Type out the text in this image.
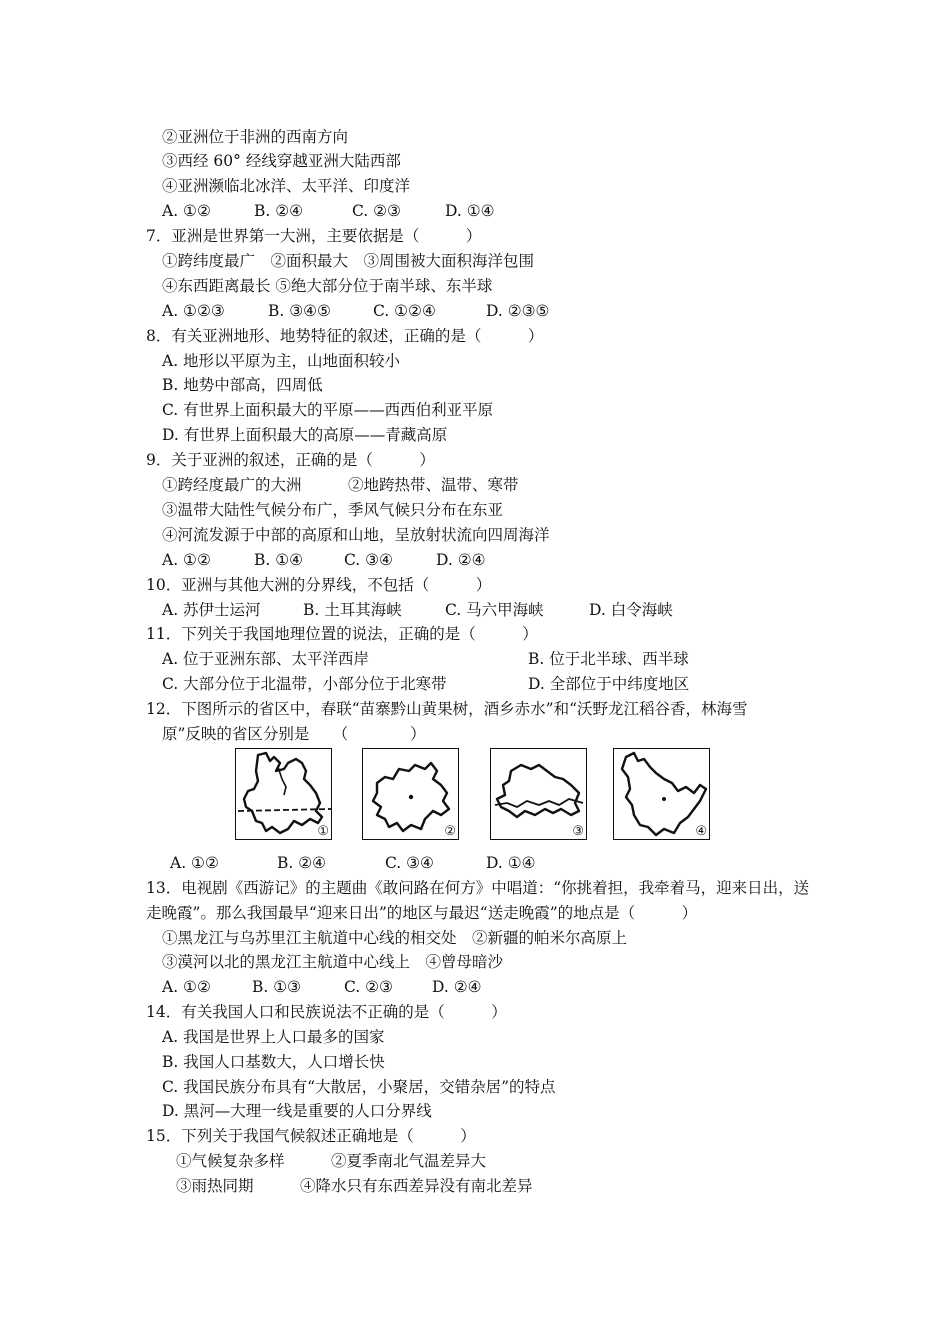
②亚洲位于非洲的西南方向
③西经 60° 经线穿越亚洲大陆西部
④亚洲濒临北冰洋、太平洋、印度洋

A. ①②

	B. ②④

	C. ②③

	D. ①④

7．亚洲是世界第一大洲，主要依据是（　　　）
①跨纬度最广　②面积最大　③周围被大面积海洋包围
④东西距离最长 ⑤绝大部分位于南半球、东半球

A. ①②③

	B. ③④⑤

	C. ①②④

	D. ②③⑤

8．有关亚洲地形、地势特征的叙述，正确的是（　　　）
A. 地形以平原为主，山地面积较小
B. 地势中部高，四周低
C. 有世界上面积最大的平原——西西伯利亚平原
D. 有世界上面积最大的高原——青藏高原
9．关于亚洲的叙述，正确的是（　　　）
①跨经度最广的大洲　　　②地跨热带、温带、寒带
③温带大陆性气候分布广，季风气候只分布在东亚
④河流发源于中部的高原和山地，呈放射状流向四周海洋

A. ①②

	B. ①④

	C. ③④

	D. ②④

10．亚洲与其他大洲的分界线，不包括（　　　）

A. 苏伊士运河

	B. 土耳其海峡

	C. 马六甲海峡

	D. 白令海峡

11．下列关于我国地理位置的说法，正确的是（　　　）
A. 位于亚洲东部、太平洋西岸	B. 位于北半球、西半球
C. 大部分位于北温带，小部分位于北寒带	D. 全部位于中纬度地区
12．下图所示的省区中，春联“苗寨黔山黄果树，酒乡赤水”和“沃野龙江稻谷香，林海雪
原”反映的省区分别是　　（　　　　）
①	②	③	④

A. ①②

	B. ②④

	C. ③④

	D. ①④

13．电视剧《西游记》的主题曲《敢问路在何方》中唱道：“你挑着担，我牵着马，迎来日出，送
走晚霞”。那么我国最早“迎来日出”的地区与最迟“送走晚霞”的地点是（　　　）
①黑龙江与乌苏里江主航道中心线的相交处　②新疆的帕米尔高原上
③漠河以北的黑龙江主航道中心线上　④曾母暗沙

A. ①②

	B. ①③

	C. ②③

	D. ②④

14．有关我国人口和民族说法不正确的是（　　　）
A. 我国是世界上人口最多的国家
B. 我国人口基数大，人口增长快
C. 我国民族分布具有“大散居，小聚居，交错杂居”的特点
D. 黑河—大理一线是重要的人口分界线
15．下列关于我国气候叙述正确地是（　　　）
①气候复杂多样　　　②夏季南北气温差异大
③雨热同期　　　④降水只有东西差异没有南北差异
